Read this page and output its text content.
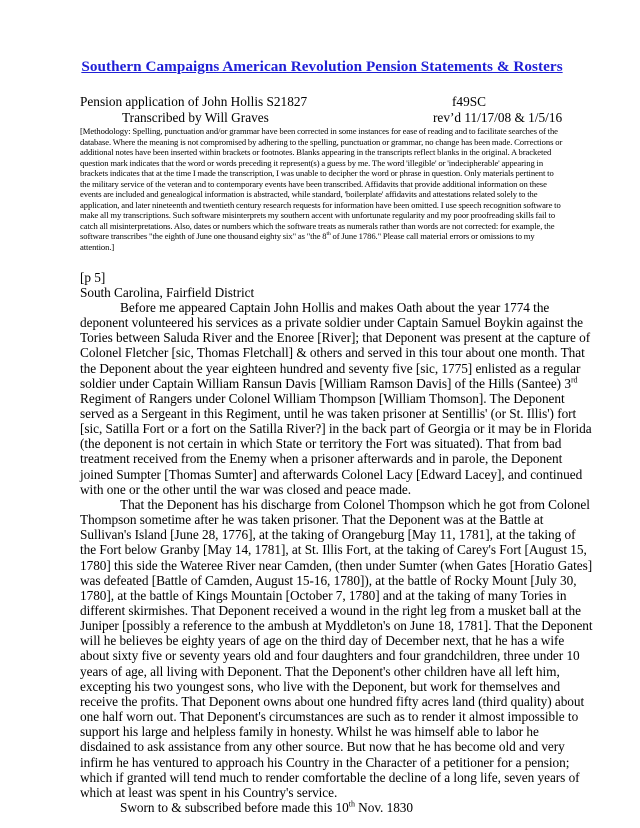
Southern Campaigns American Revolution Pension Statements & Rosters
Pension application of John Hollis S21827	f49SC
Transcribed by Will Graves	rev’d 11/17/08 & 1/5/16
[Methodology: Spelling, punctuation and/or grammar have been corrected in some instances for ease of reading and to facilitate searches of the
database. Where the meaning is not compromised by adhering to the spelling, punctuation or grammar, no change has been made. Corrections or
additional notes have been inserted within brackets or footnotes. Blanks appearing in the transcripts reflect blanks in the original. A bracketed
question mark indicates that the word or words preceding it represent(s) a guess by me. The word 'illegible' or 'indecipherable' appearing in
brackets indicates that at the time I made the transcription, I was unable to decipher the word or phrase in question. Only materials pertinent to
the military service of the veteran and to contemporary events have been transcribed. Affidavits that provide additional information on these
events are included and genealogical information is abstracted, while standard, 'boilerplate' affidavits and attestations related solely to the
application, and later nineteenth and twentieth century research requests for information have been omitted. I use speech recognition software to
make all my transcriptions. Such software misinterprets my southern accent with unfortunate regularity and my poor proofreading skills fail to
catch all misinterpretations. Also, dates or numbers which the software treats as numerals rather than words are not corrected: for example, the
software transcribes "the eighth of June one thousand eighty six" as "the 8th of June 1786." Please call material errors or omissions to my
attention.]
[p 5]
South Carolina, Fairfield District
Before me appeared Captain John Hollis and makes Oath about the year 1774 the
deponent volunteered his services as a private soldier under Captain Samuel Boykin against the
Tories between Saluda River and the Enoree [River]; that Deponent was present at the capture of
Colonel Fletcher [sic, Thomas Fletchall] & others and served in this tour about one month. That
the Deponent about the year eighteen hundred and seventy five [sic, 1775] enlisted as a regular
soldier under Captain William Ransun Davis [William Ramson Davis] of the Hills (Santee) 3rd
Regiment of Rangers under Colonel William Thompson [William Thomson]. The Deponent
served as a Sergeant in this Regiment, until he was taken prisoner at Sentillis' (or St. Illis') fort
[sic, Satilla Fort or a fort on the Satilla River?] in the back part of Georgia or it may be in Florida
(the deponent is not certain in which State or territory the Fort was situated). That from bad
treatment received from the Enemy when a prisoner afterwards and in parole, the Deponent
joined Sumpter [Thomas Sumter] and afterwards Colonel Lacy [Edward Lacey], and continued
with one or the other until the war was closed and peace made.
That the Deponent has his discharge from Colonel Thompson which he got from Colonel
Thompson sometime after he was taken prisoner. That the Deponent was at the Battle at
Sullivan's Island [June 28, 1776], at the taking of Orangeburg [May 11, 1781], at the taking of
the Fort below Granby [May 14, 1781], at St. Illis Fort, at the taking of Carey's Fort [August 15,
1780] this side the Wateree River near Camden, (then under Sumter (when Gates [Horatio Gates]
was defeated [Battle of Camden, August 15-16, 1780]), at the battle of Rocky Mount [July 30,
1780], at the battle of Kings Mountain [October 7, 1780] and at the taking of many Tories in
different skirmishes. That Deponent received a wound in the right leg from a musket ball at the
Juniper [possibly a reference to the ambush at Myddleton's on June 18, 1781]. That the Deponent
will he believes be eighty years of age on the third day of December next, that he has a wife
about sixty five or seventy years old and four daughters and four grandchildren, three under 10
years of age, all living with Deponent. That the Deponent's other children have all left him,
excepting his two youngest sons, who live with the Deponent, but work for themselves and
receive the profits. That Deponent owns about one hundred fifty acres land (third quality) about
one half worn out. That Deponent's circumstances are such as to render it almost impossible to
support his large and helpless family in honesty. Whilst he was himself able to labor he
disdained to ask assistance from any other source. But now that he has become old and very
infirm he has ventured to approach his Country in the Character of a petitioner for a pension;
which if granted will tend much to render comfortable the decline of a long life, seven years of
which at least was spent in his Country's service.
Sworn to & subscribed before made this 10th Nov. 1830
